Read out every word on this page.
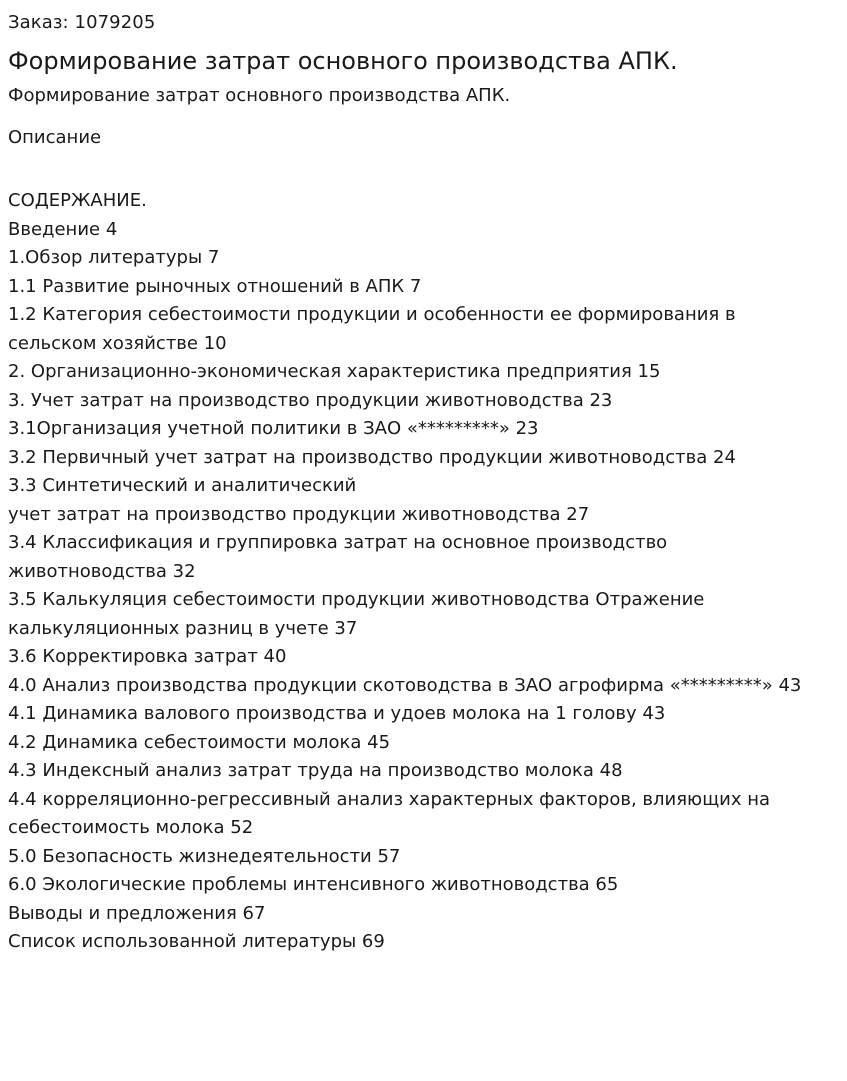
Заказ: 1079205
Формирование затрат основного производства АПК.
Формирование затрат основного производства АПК.
Описание
СОДЕРЖАНИЕ.
Введение 4
1.Обзор литературы 7
1.1 Развитие рыночных отношений в АПК 7
1.2 Категория себестоимости продукции и особенности ее формирования в сельском хозяйстве 10
2. Организационно-экономическая характеристика предприятия 15
3. Учет затрат на производство продукции животноводства 23
3.1Организация учетной политики в ЗАО «*********» 23
3.2 Первичный учет затрат на производство продукции животноводства 24
3.3 Синтетический и аналитический
учет затрат на производство продукции животноводства 27
3.4 Классификация и группировка затрат на основное производство животноводства 32
3.5 Калькуляция себестоимости продукции животноводства Отражение калькуляционных разниц в учете 37
3.6 Корректировка затрат 40
4.0 Анализ производства продукции скотоводства в ЗАО агрофирма «*********» 43
4.1 Динамика валового производства и удоев молока на 1 голову 43
4.2 Динамика себестоимости молока 45
4.3 Индексный анализ затрат труда на производство молока 48
4.4 корреляционно-регрессивный анализ характерных факторов, влияющих на себестоимость молока 52
5.0 Безопасность жизнедеятельности 57
6.0 Экологические проблемы интенсивного животноводства 65
Выводы и предложения 67
Список использованной литературы 69
